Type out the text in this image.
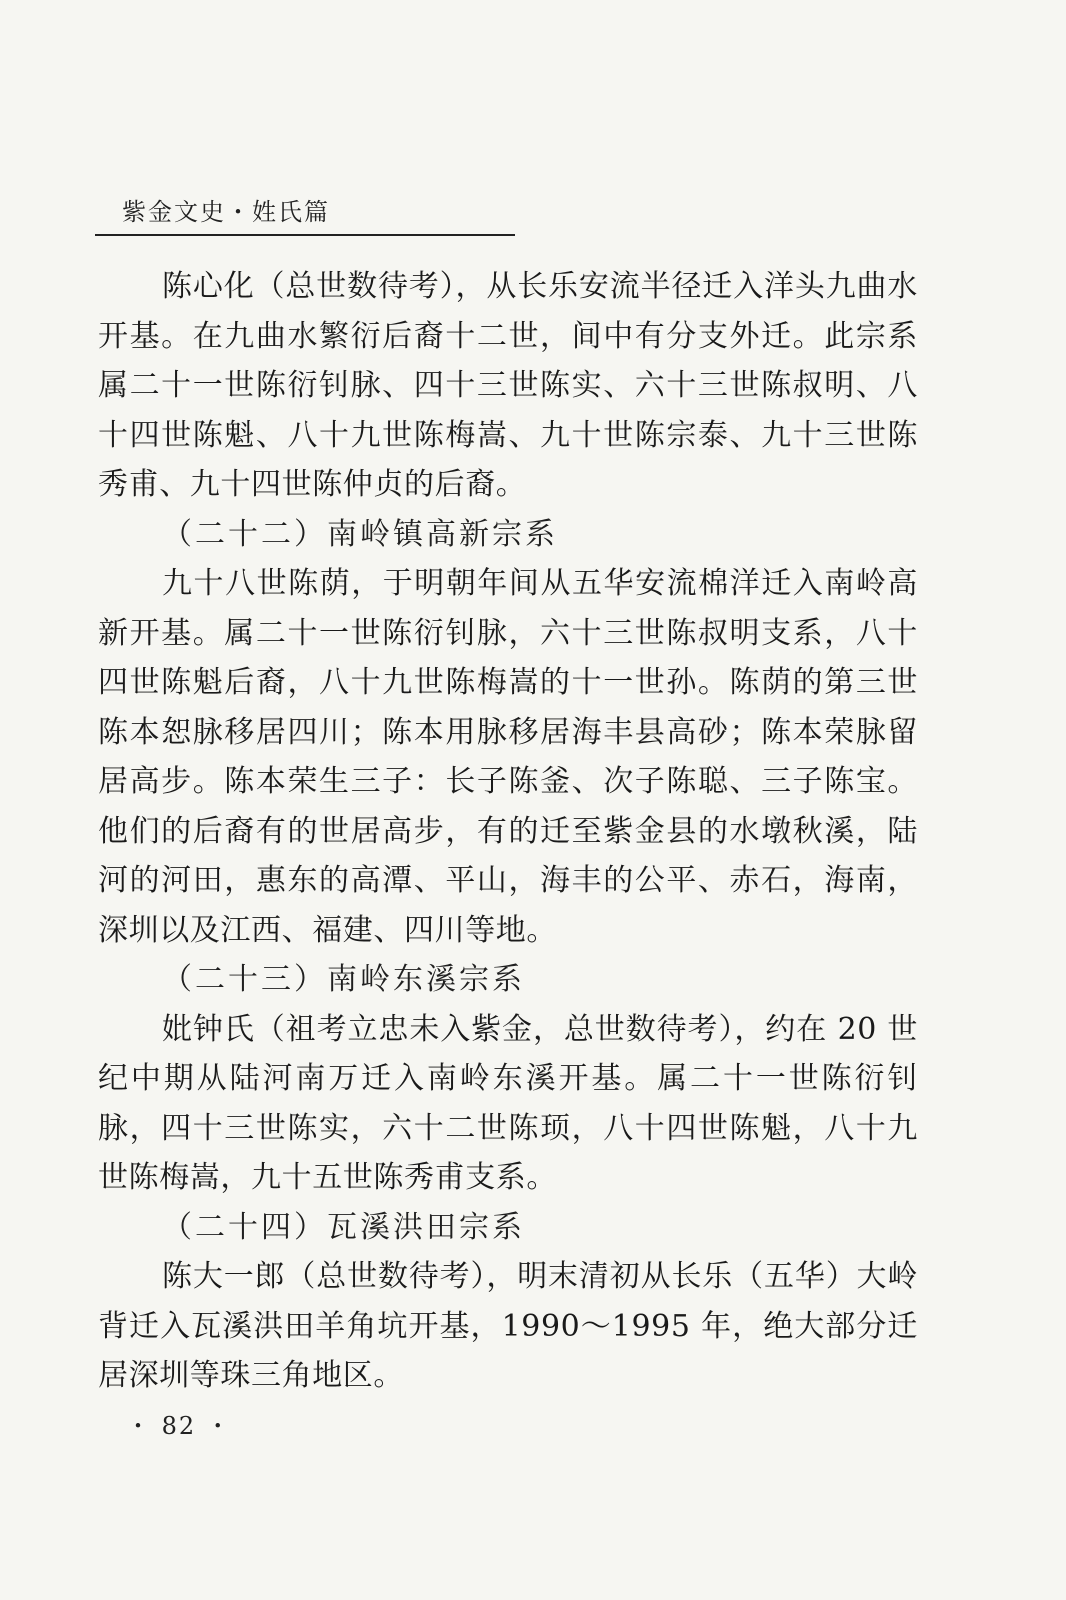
紫金文史・姓氏篇

陈心化（总世数待考），从长乐安流半径迁入洋头九曲水开基。在九曲水繁衍后裔十二世，间中有分支外迁。此宗系属二十一世陈衍钊脉、四十三世陈实、六十三世陈叔明、八十四世陈魁、八十九世陈梅嵩、九十世陈宗泰、九十三世陈秀甫、九十四世陈仲贞的后裔。

（二十二）南岭镇高新宗系

九十八世陈荫，于明朝年间从五华安流棉洋迁入南岭高新开基。属二十一世陈衍钊脉，六十三世陈叔明支系，八十四世陈魁后裔，八十九世陈梅嵩的十一世孙。陈荫的第三世陈本恕脉移居四川；陈本用脉移居海丰县高砂；陈本荣脉留居高步。陈本荣生三子：长子陈釜、次子陈聪、三子陈宝。他们的后裔有的世居高步，有的迁至紫金县的水墩秋溪，陆河的河田，惠东的高潭、平山，海丰的公平、赤石，海南，深圳以及江西、福建、四川等地。

（二十三）南岭东溪宗系

妣钟氏（祖考立忠未入紫金，总世数待考），约在 20 世纪中期从陆河南万迁入南岭东溪开基。属二十一世陈衍钊脉，四十三世陈实，六十二世陈顼，八十四世陈魁，八十九世陈梅嵩，九十五世陈秀甫支系。

（二十四）瓦溪洪田宗系

陈大一郎（总世数待考），明末清初从长乐（五华）大岭背迁入瓦溪洪田羊角坑开基，1990～1995 年，绝大部分迁居深圳等珠三角地区。

・ 82 ・
